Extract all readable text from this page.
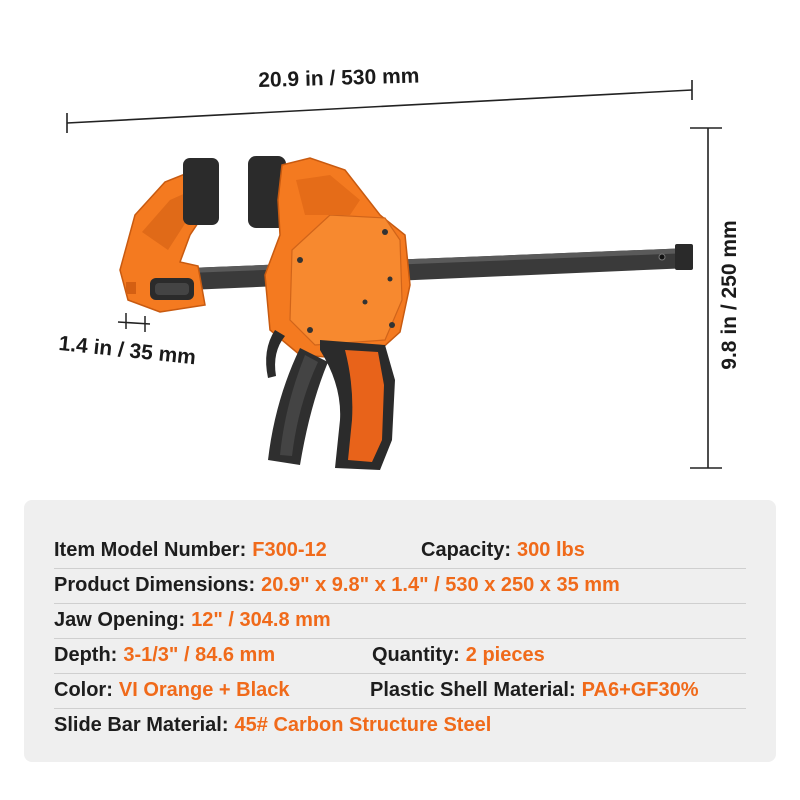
20.9 in / 530 mm
9.8 in / 250 mm
1.4 in / 35 mm
Item Model Number: F300-12	Capacity: 300 lbs
Product Dimensions: 20.9" x 9.8" x 1.4" / 530 x 250 x 35 mm
Jaw Opening: 12" / 304.8 mm
Depth: 3-1/3" / 84.6 mm	Quantity: 2 pieces
Color: VI Orange + Black	Plastic Shell Material: PA6+GF30%
Slide Bar Material: 45# Carbon Structure Steel
